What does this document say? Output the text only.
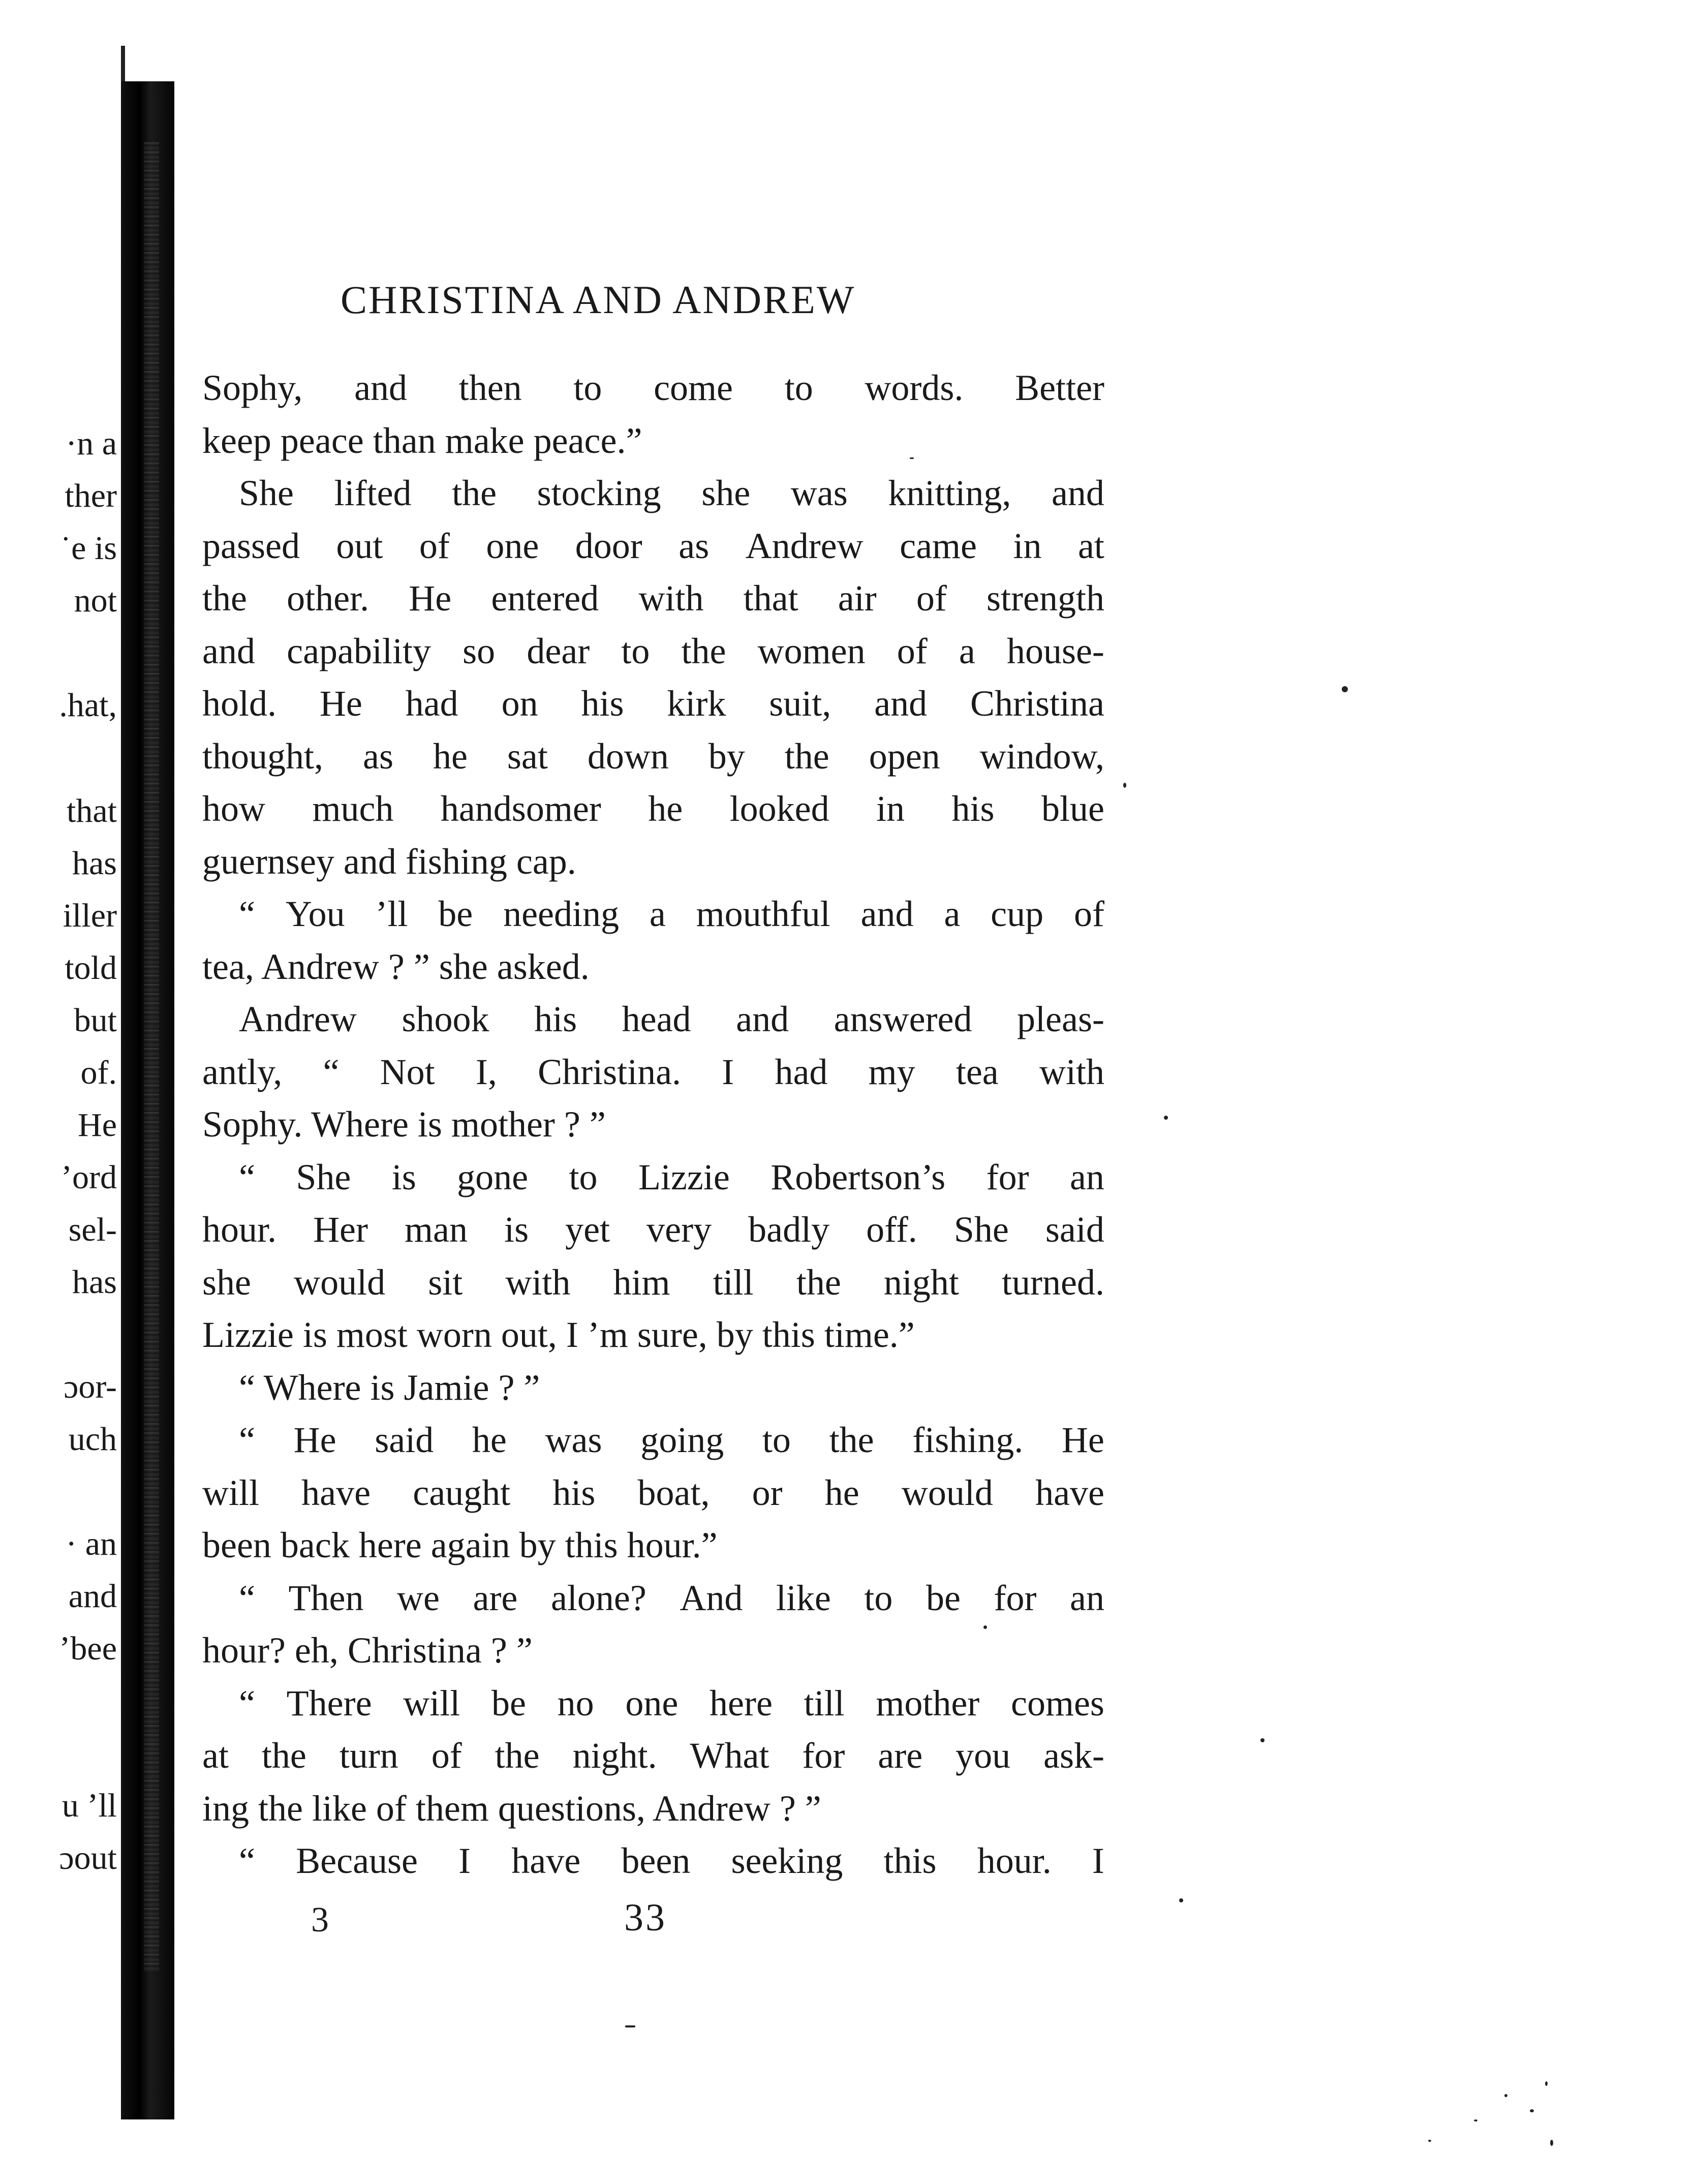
·n a
ther
˙e is
not
.hat,
that
has
iller
told
but
of.
He
ʼord
sel-
has
ɔor-
uch
· an
and
ʼbee
u ’ll
ɔout
CHRISTINA AND ANDREW
Sophy, and then to come to words. Better
keep peace than make peace.”
She lifted the stocking she was knitting, and
passed out of one door as Andrew came in at
the other. He entered with that air of strength
and capability so dear to the women of a house-
hold. He had on his kirk suit, and Christina
thought, as he sat down by the open window,
how much handsomer he looked in his blue
guernsey and fishing cap.
“ You ’ll be needing a mouthful and a cup of
tea, Andrew ? ” she asked.
Andrew shook his head and answered pleas-
antly, “ Not I, Christina. I had my tea with
Sophy. Where is mother ? ”
“ She is gone to Lizzie Robertson’s for an
hour. Her man is yet very badly off. She said
she would sit with him till the night turned.
Lizzie is most worn out, I ’m sure, by this time.”
“ Where is Jamie ? ”
“ He said he was going to the fishing. He
will have caught his boat, or he would have
been back here again by this hour.”
“ Then we are alone? And like to be for an
hour? eh, Christina ? ”
“ There will be no one here till mother comes
at the turn of the night. What for are you ask-
ing the like of them questions, Andrew ? ”
“ Because I have been seeking this hour. I
3	33
